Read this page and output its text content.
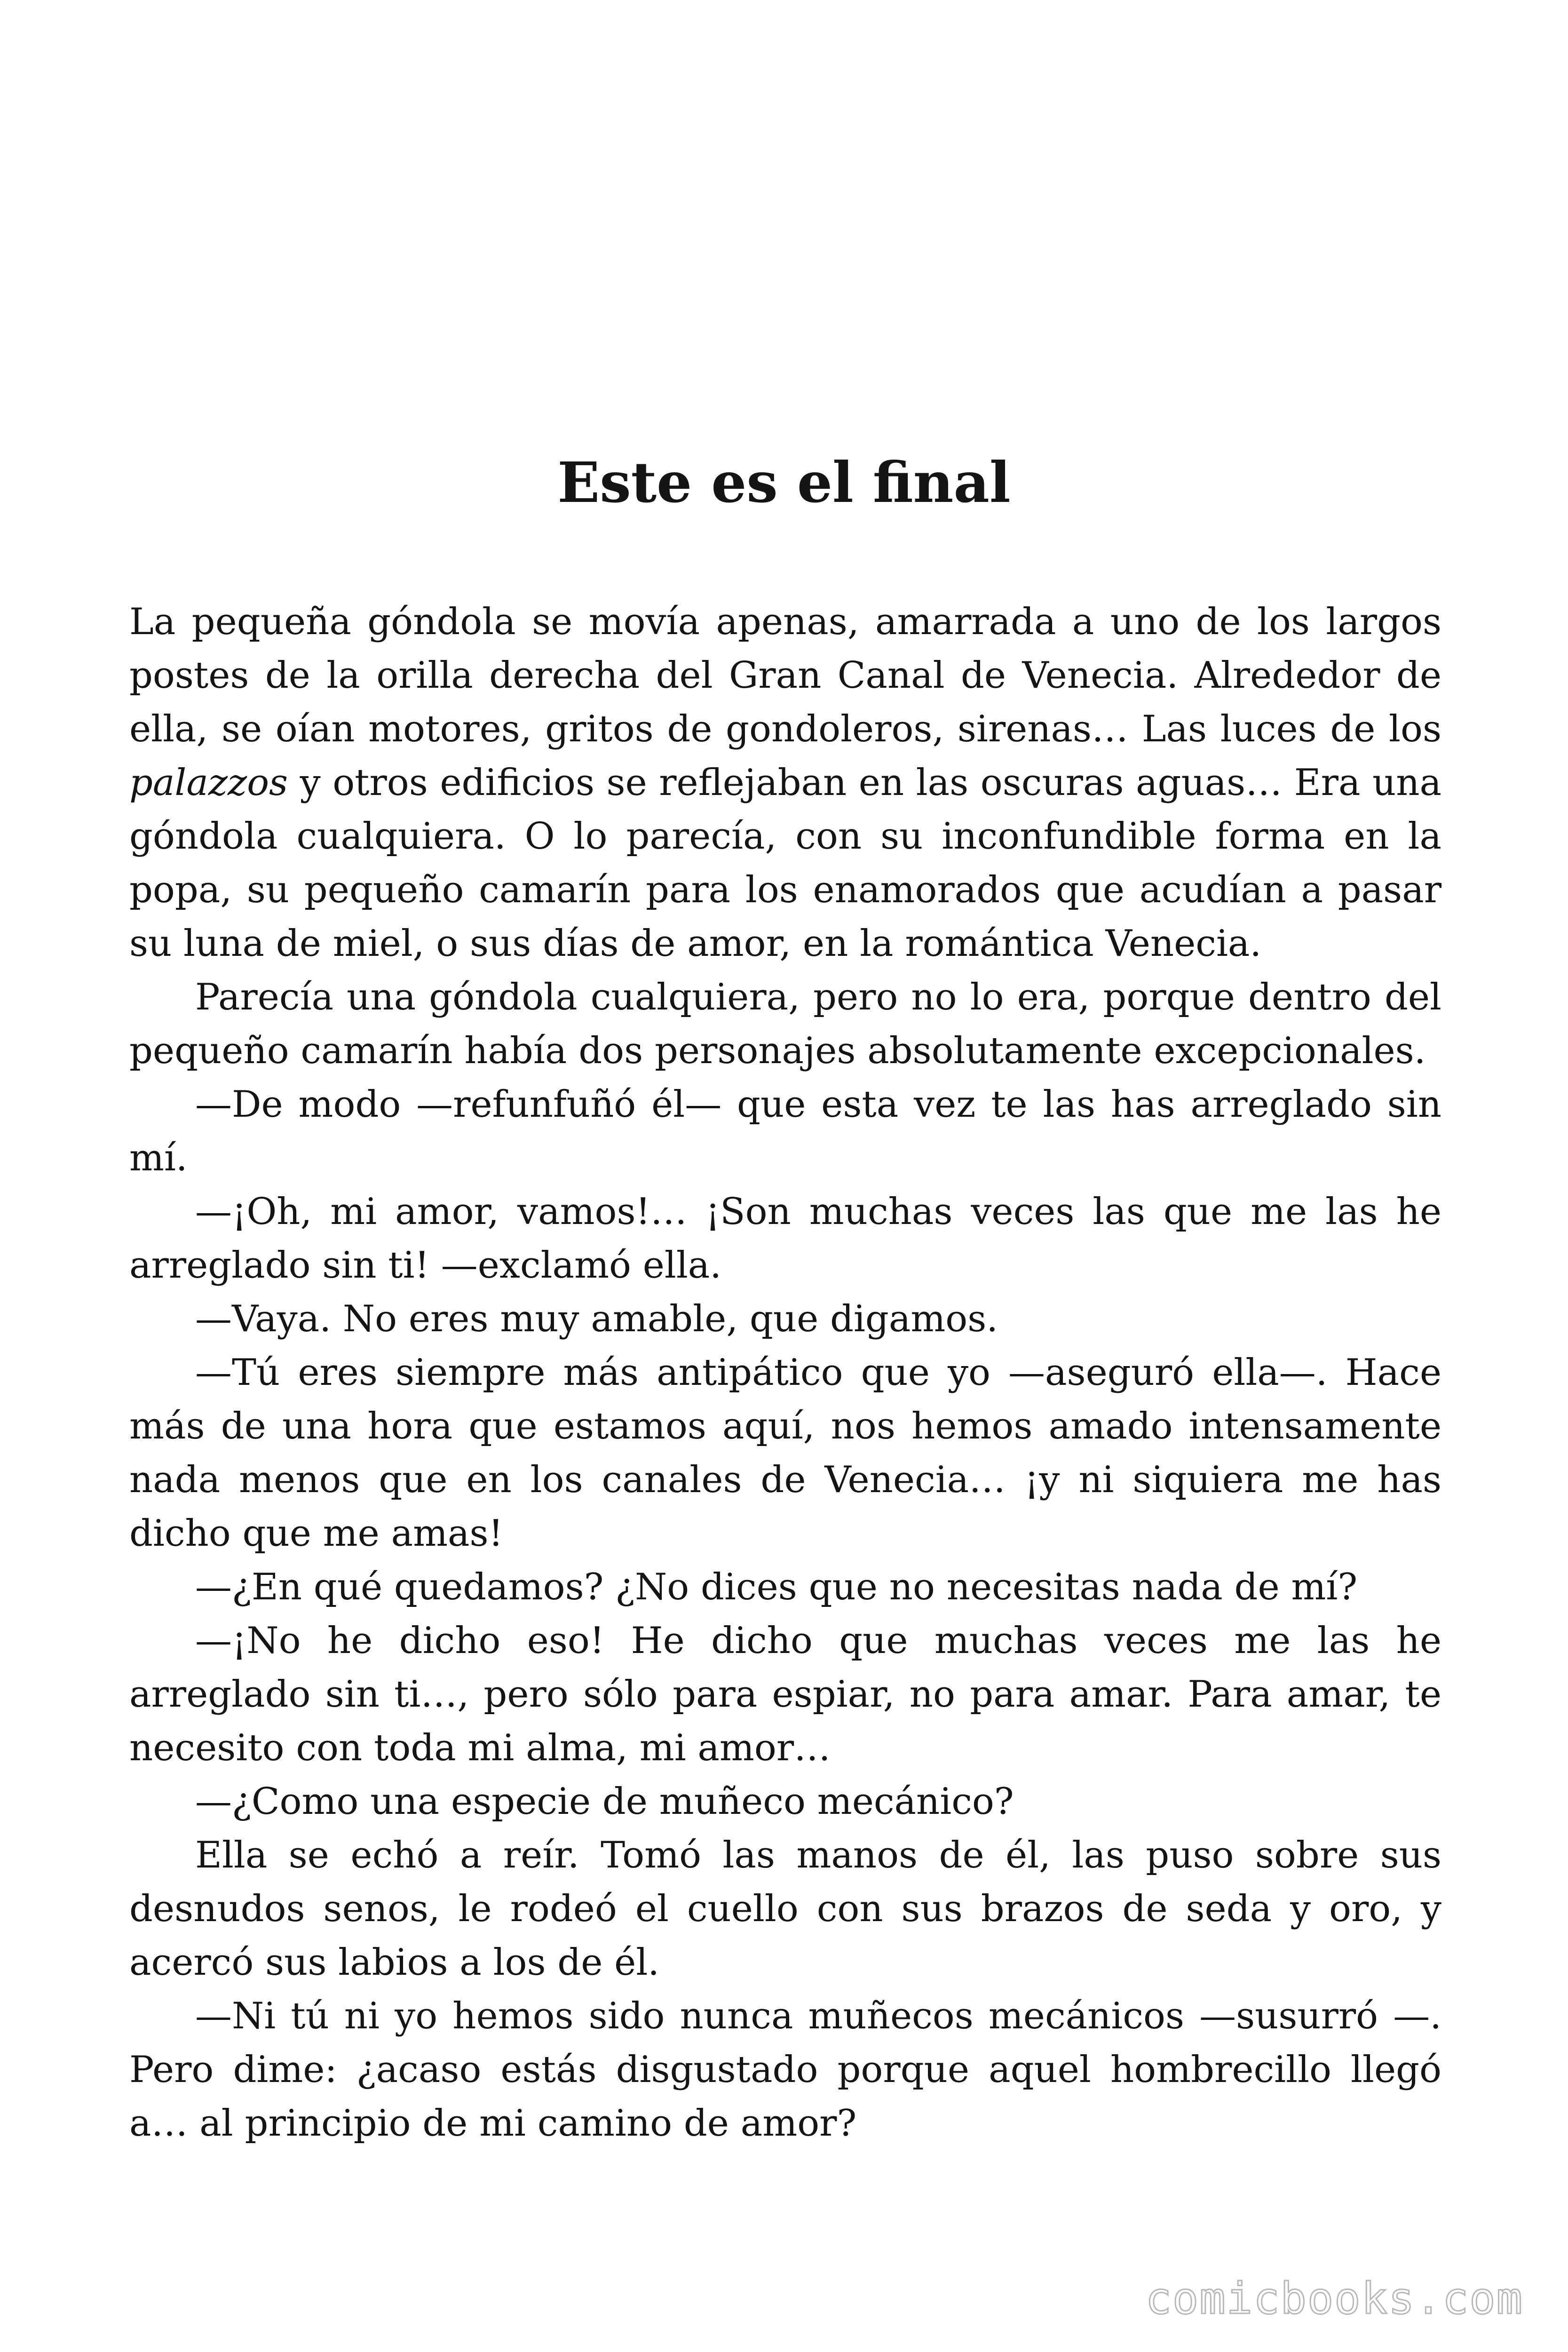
Este es el final

La pequeña góndola se movía apenas, amarrada a uno de los largos postes de la orilla derecha del Gran Canal de Venecia. Alrededor de ella, se oían motores, gritos de gondoleros, sirenas… Las luces de los palazzos y otros edificios se reflejaban en las oscuras aguas… Era una góndola cualquiera. O lo parecía, con su inconfundible forma en la popa, su pequeño camarín para los enamorados que acudían a pasar su luna de miel, o sus días de amor, en la romántica Venecia.

Parecía una góndola cualquiera, pero no lo era, porque dentro del pequeño camarín había dos personajes absolutamente excepcionales.

—De modo —refunfuñó él— que esta vez te las has arreglado sin mí.

—¡Oh, mi amor, vamos!… ¡Son muchas veces las que me las he arreglado sin ti! —exclamó ella.

—Vaya. No eres muy amable, que digamos.

—Tú eres siempre más antipático que yo —aseguró ella—. Hace más de una hora que estamos aquí, nos hemos amado intensamente nada menos que en los canales de Venecia… ¡y ni siquiera me has dicho que me amas!

—¿En qué quedamos? ¿No dices que no necesitas nada de mí?

—¡No he dicho eso! He dicho que muchas veces me las he arreglado sin ti…, pero sólo para espiar, no para amar. Para amar, te necesito con toda mi alma, mi amor…

—¿Como una especie de muñeco mecánico?

Ella se echó a reír. Tomó las manos de él, las puso sobre sus desnudos senos, le rodeó el cuello con sus brazos de seda y oro, y acercó sus labios a los de él.

—Ni tú ni yo hemos sido nunca muñecos mecánicos —susurró —. Pero dime: ¿acaso estás disgustado porque aquel hombrecillo llegó a… al principio de mi camino de amor?

comicbooks.com
